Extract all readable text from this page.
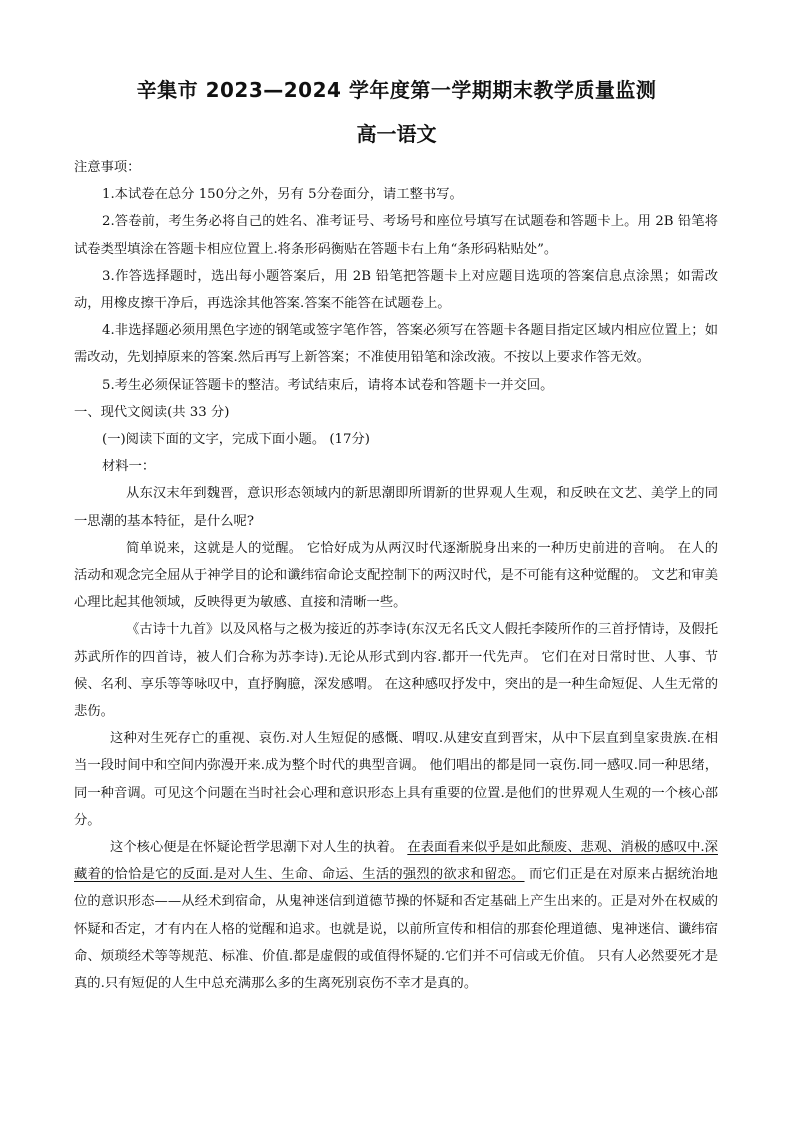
辛集市 2023—2024 学年度第一学期期末教学质量监测
高一语文
注意事项：
1.本试卷在总分 150分之外，另有 5分卷面分，请工整书写。
2.答卷前，考生务必将自己的姓名、准考证号、考场号和座位号填写在试题卷和答题卡上。用 2B 铅笔将试卷类型填涂在答题卡相应位置上.将条形码衡贴在答题卡右上角“条形码粘贴处”。
3.作答选择题时，选出每小题答案后，用 2B 铅笔把答题卡上对应题目选项的答案信息点涂黑；如需改动，用橡皮擦干净后，再选涂其他答案.答案不能答在试题卷上。
4.非选择题必须用黑色字迹的钢笔或签字笔作答，答案必须写在答题卡各题目指定区域内相应位置上；如需改动，先划掉原来的答案.然后再写上新答案；不准使用铅笔和涂改液。不按以上要求作答无效。
5.考生必须保证答题卡的整洁。考试结束后，请将本试卷和答题卡一并交回。
一、现代文阅读(共 33 分)
(一)阅读下面的文字，完成下面小题。 (17分)
材料一：
从东汉末年到魏晋，意识形态领域内的新思潮即所谓新的世界观人生观，和反映在文艺、美学上的同一思潮的基本特征，是什么呢?
简单说来，这就是人的觉醒。 它恰好成为从两汉时代逐渐脱身出来的一种历史前进的音响。 在人的活动和观念完全屈从于神学目的论和谶纬宿命论支配控制下的两汉时代，是不可能有这种觉醒的。 文艺和审美心理比起其他领域，反映得更为敏感、直接和清晰一些。
《古诗十九首》以及风格与之极为接近的苏李诗(东汉无名氏文人假托李陵所作的三首抒情诗，及假托苏武所作的四首诗，被人们合称为苏李诗).无论从形式到内容.都开一代先声。 它们在对日常时世、人事、节候、名利、享乐等等咏叹中，直抒胸臆，深发感喟。 在这种感叹抒发中，突出的是一种生命短促、人生无常的悲伤。
这种对生死存亡的重视、哀伤.对人生短促的感慨、喟叹.从建安直到晋宋，从中下层直到皇家贵族.在相当一段时间中和空间内弥漫开来.成为整个时代的典型音调。 他们唱出的都是同一哀伤.同一感叹.同一种思绪，同一种音调。可见这个问题在当时社会心理和意识形态上具有重要的位置.是他们的世界观人生观的一个核心部分。
这个核心便是在怀疑论哲学思潮下对人生的执着。 在表面看来似乎是如此颓废、悲观、消极的感叹中.深藏着的恰恰是它的反面.是对人生、生命、命运、生活的强烈的欲求和留恋。 而它们正是在对原来占据统治地位的意识形态——从经术到宿命，从鬼神迷信到道德节操的怀疑和否定基础上产生出来的。正是对外在权威的怀疑和否定，才有内在人格的觉醒和追求。也就是说，以前所宣传和相信的那套伦理道德、鬼神迷信、谶纬宿命、烦琐经术等等规范、标准、价值.都是虚假的或值得怀疑的.它们并不可信或无价值。 只有人必然要死才是真的.只有短促的人生中总充满那么多的生离死别哀伤不幸才是真的。
